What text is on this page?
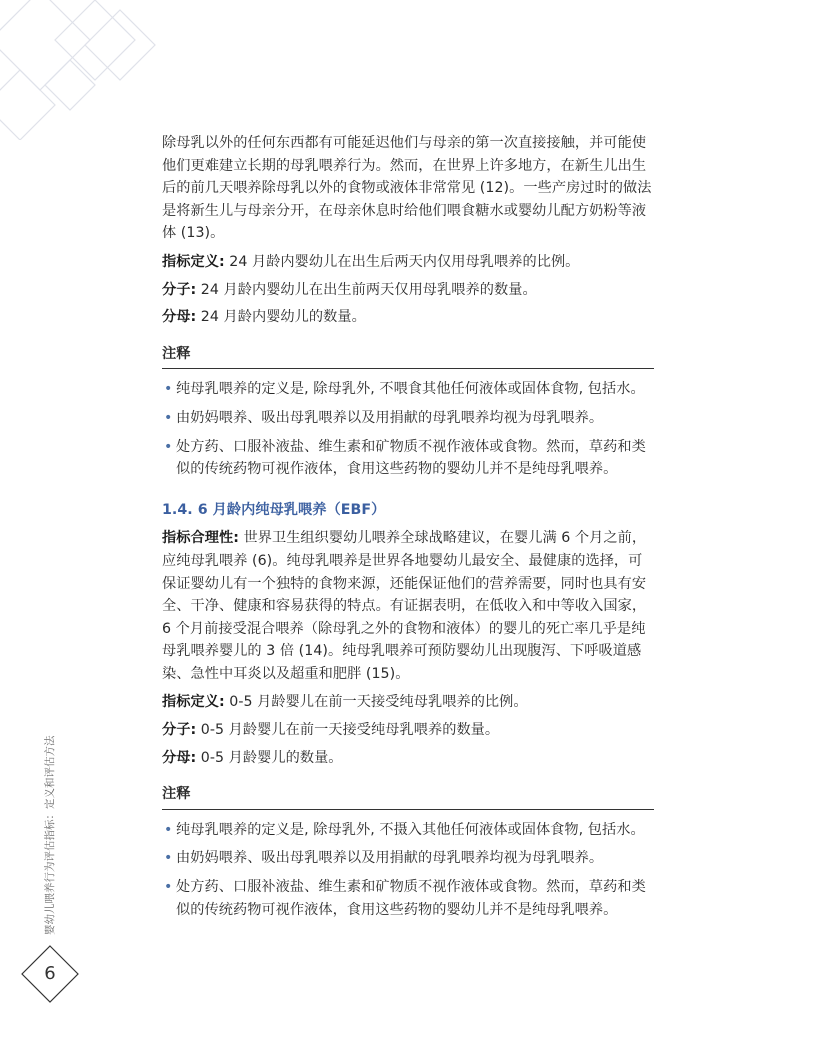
除母乳以外的任何东西都有可能延迟他们与母亲的第一次直接接触，并可能使他们更难建立长期的母乳喂养行为。然而，在世界上许多地方，在新生儿出生后的前几天喂养除母乳以外的食物或液体非常常见 (12)。一些产房过时的做法是将新生儿与母亲分开，在母亲休息时给他们喂食糖水或婴幼儿配方奶粉等液体 (13)。

指标定义: 24 月龄内婴幼儿在出生后两天内仅用母乳喂养的比例。

分子: 24 月龄内婴幼儿在出生前两天仅用母乳喂养的数量。

分母: 24 月龄内婴幼儿的数量。

注释
• 纯母乳喂养的定义是, 除母乳外, 不喂食其他任何液体或固体食物, 包括水。
• 由奶妈喂养、吸出母乳喂养以及用捐献的母乳喂养均视为母乳喂养。
• 处方药、口服补液盐、维生素和矿物质不视作液体或食物。然而，草药和类似的传统药物可视作液体，食用这些药物的婴幼儿并不是纯母乳喂养。
1.4. 6 月龄内纯母乳喂养（EBF）

指标合理性: 世界卫生组织婴幼儿喂养全球战略建议，在婴儿满 6 个月之前，应纯母乳喂养 (6)。纯母乳喂养是世界各地婴幼儿最安全、最健康的选择，可保证婴幼儿有一个独特的食物来源，还能保证他们的营养需要，同时也具有安全、干净、健康和容易获得的特点。有证据表明，在低收入和中等收入国家，6 个月前接受混合喂养（除母乳之外的食物和液体）的婴儿的死亡率几乎是纯母乳喂养婴儿的 3 倍 (14)。纯母乳喂养可预防婴幼儿出现腹泻、下呼吸道感染、急性中耳炎以及超重和肥胖 (15)。

指标定义: 0-5 月龄婴儿在前一天接受纯母乳喂养的比例。

分子: 0-5 月龄婴儿在前一天接受纯母乳喂养的数量。

分母: 0-5 月龄婴儿的数量。

注释
• 纯母乳喂养的定义是, 除母乳外, 不摄入其他任何液体或固体食物, 包括水。
• 由奶妈喂养、吸出母乳喂养以及用捐献的母乳喂养均视为母乳喂养。
• 处方药、口服补液盐、维生素和矿物质不视作液体或食物。然而，草药和类似的传统药物可视作液体，食用这些药物的婴幼儿并不是纯母乳喂养。
婴幼儿喂养行为评估指标：定义和评估方法
6
